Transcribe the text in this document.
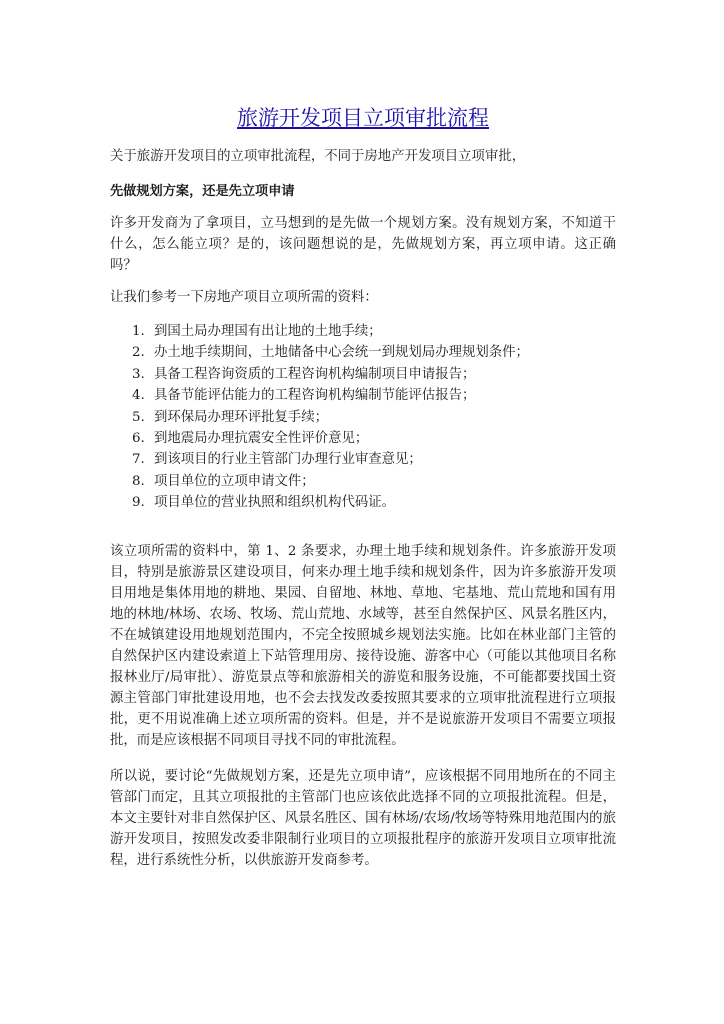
旅游开发项目立项审批流程

关于旅游开发项目的立项审批流程，不同于房地产开发项目立项审批，

先做规划方案，还是先立项申请

许多开发商为了拿项目，立马想到的是先做一个规划方案。没有规划方案，不知道干什么，怎么能立项？是的，该问题想说的是，先做规划方案，再立项申请。这正确吗？

让我们参考一下房地产项目立项所需的资料：

1. 到国土局办理国有出让地的土地手续；
2. 办土地手续期间，土地储备中心会统一到规划局办理规划条件；
3. 具备工程咨询资质的工程咨询机构编制项目申请报告；
4. 具备节能评估能力的工程咨询机构编制节能评估报告；
5. 到环保局办理环评批复手续；
6. 到地震局办理抗震安全性评价意见；
7. 到该项目的行业主管部门办理行业审查意见；
8. 项目单位的立项申请文件；
9. 项目单位的营业执照和组织机构代码证。

该立项所需的资料中，第 1、2 条要求，办理土地手续和规划条件。许多旅游开发项目，特别是旅游景区建设项目，何来办理土地手续和规划条件，因为许多旅游开发项目用地是集体用地的耕地、果园、自留地、林地、草地、宅基地、荒山荒地和国有用地的林地/林场、农场、牧场、荒山荒地、水域等，甚至自然保护区、风景名胜区内，不在城镇建设用地规划范围内，不完全按照城乡规划法实施。比如在林业部门主管的自然保护区内建设索道上下站管理用房、接待设施、游客中心（可能以其他项目名称报林业厅/局审批）、游览景点等和旅游相关的游览和服务设施，不可能都要找国土资源主管部门审批建设用地，也不会去找发改委按照其要求的立项审批流程进行立项报批，更不用说准确上述立项所需的资料。但是，并不是说旅游开发项目不需要立项报批，而是应该根据不同项目寻找不同的审批流程。

所以说，要讨论“先做规划方案，还是先立项申请”，应该根据不同用地所在的不同主管部门而定，且其立项报批的主管部门也应该依此选择不同的立项报批流程。但是，本文主要针对非自然保护区、风景名胜区、国有林场/农场/牧场等特殊用地范围内的旅游开发项目，按照发改委非限制行业项目的立项报批程序的旅游开发项目立项审批流程，进行系统性分析，以供旅游开发商参考。
